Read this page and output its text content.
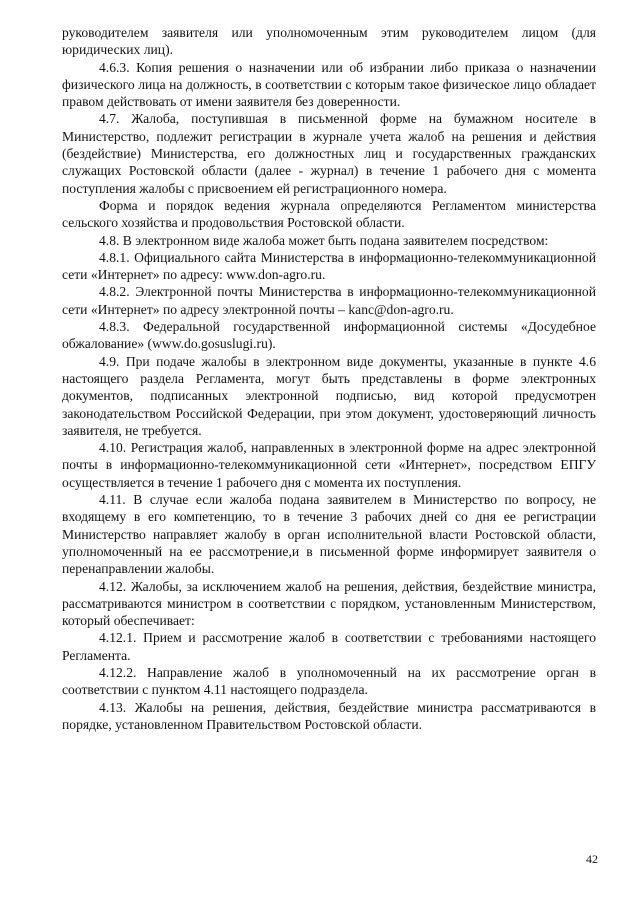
руководителем заявителя или уполномоченным этим руководителем лицом (для юридических лиц).

4.6.3. Копия решения о назначении или об избрании либо приказа о назначении физического лица на должность, в соответствии с которым такое физическое лицо обладает правом действовать от имени заявителя без доверенности.

4.7. Жалоба, поступившая в письменной форме на бумажном носителе в Министерство, подлежит регистрации в журнале учета жалоб на решения и действия (бездействие) Министерства, его должностных лиц и государственных гражданских служащих Ростовской области (далее - журнал) в течение 1 рабочего дня с момента поступления жалобы с присвоением ей регистрационного номера.

Форма и порядок ведения журнала определяются Регламентом министерства сельского хозяйства и продовольствия Ростовской области.

4.8. В электронном виде жалоба может быть подана заявителем посредством:

4.8.1. Официального сайта Министерства в информационно-телекоммуникационной сети «Интернет» по адресу: www.don-agro.ru.

4.8.2. Электронной почты Министерства в информационно-телекоммуникационной сети «Интернет» по адресу электронной почты – kanc@don-agro.ru.

4.8.3. Федеральной государственной информационной системы «Досудебное обжалование» (www.do.gosuslugi.ru).

4.9. При подаче жалобы в электронном виде документы, указанные в пункте 4.6 настоящего раздела Регламента, могут быть представлены в форме электронных документов, подписанных электронной подписью, вид которой предусмотрен законодательством Российской Федерации, при этом документ, удостоверяющий личность заявителя, не требуется.

4.10. Регистрация жалоб, направленных в электронной форме на адрес электронной почты в информационно-телекоммуникационной сети «Интернет», посредством ЕПГУ осуществляется в течение 1 рабочего дня с момента их поступления.

4.11. В случае если жалоба подана заявителем в Министерство по вопросу, не входящему в его компетенцию, то в течение 3 рабочих дней со дня ее регистрации Министерство направляет жалобу в орган исполнительной власти Ростовской области, уполномоченный на ее рассмотрение,и в письменной форме информирует заявителя о перенаправлении жалобы.

4.12. Жалобы, за исключением жалоб на решения, действия, бездействие министра, рассматриваются министром в соответствии с порядком, установленным Министерством, который обеспечивает:

4.12.1. Прием и рассмотрение жалоб в соответствии с требованиями настоящего Регламента.

4.12.2. Направление жалоб в уполномоченный на их рассмотрение орган в соответствии с пунктом 4.11 настоящего подраздела.

4.13. Жалобы на решения, действия, бездействие министра рассматриваются в порядке, установленном Правительством Ростовской области.

42
